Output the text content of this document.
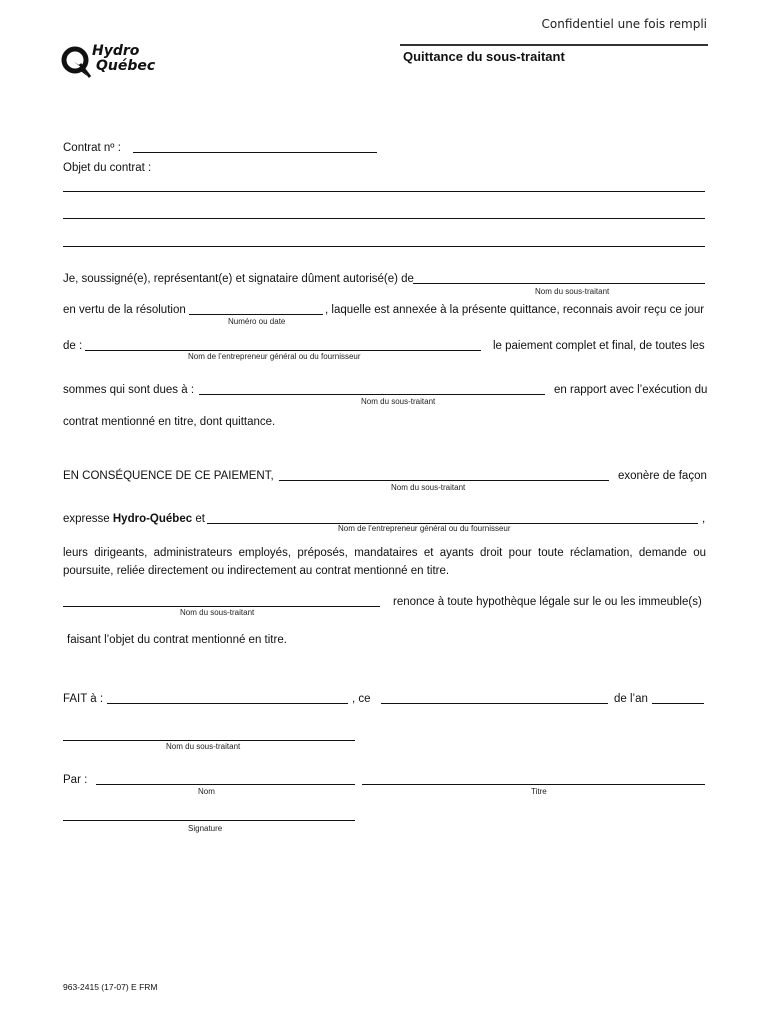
Confidentiel une fois rempli
Hydro
Québec
Quittance du sous-traitant
Contrat nº :
Objet du contrat :
Je, soussigné(e), représentant(e) et signataire dûment autorisé(e) de
Nom du sous-traitant
en vertu de la résolution	, laquelle est annexée à la présente quittance, reconnais avoir reçu ce jour
Numéro ou date
de :	le paiement complet et final, de toutes les
Nom de l’entrepreneur général ou du fournisseur
sommes qui sont dues à :	en rapport avec l’exécution du
Nom du sous-traitant
contrat mentionné en titre, dont quittance.
EN CONSÉQUENCE DE CE PAIEMENT,	exonère de façon
Nom du sous-traitant
expresse Hydro-Québec et	,
Nom de l’entrepreneur général ou du fournisseur
leurs dirigeants, administrateurs employés, préposés, mandataires et ayants droit pour toute réclamation, demande ou
poursuite, reliée directement ou indirectement au contrat mentionné en titre.
renonce à toute hypothèque légale sur le ou les immeuble(s)
Nom du sous-traitant
faisant l’objet du contrat mentionné en titre.
FAIT à :	, ce	de l’an
Nom du sous-traitant
Par :
Nom	Titre
Signature
963-2415 (17-07) E FRM
